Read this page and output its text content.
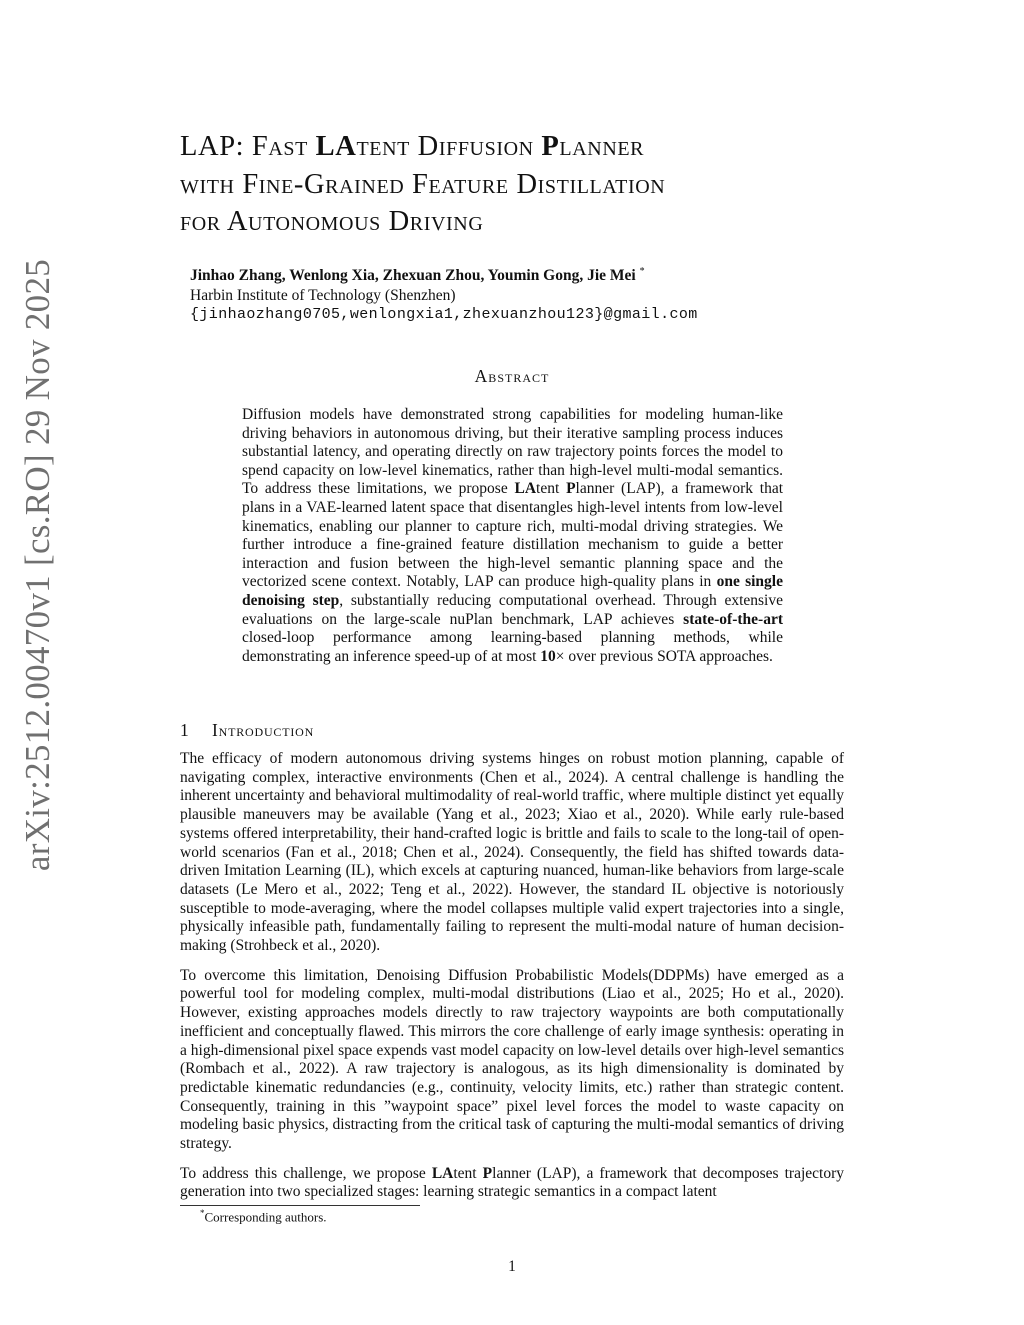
arXiv:2512.00470v1 [cs.RO] 29 Nov 2025
LAP: Fast LAtent Diffusion Planner
with Fine-Grained Feature Distillation
for Autonomous Driving
Jinhao Zhang, Wenlong Xia, Zhexuan Zhou, Youmin Gong, Jie Mei *
Harbin Institute of Technology (Shenzhen)
{jinhaozhang0705,wenlongxia1,zhexuanzhou123}@gmail.com
Abstract
Diffusion models have demonstrated strong capabilities for modeling human-like driving behaviors in autonomous driving, but their iterative sampling process induces substantial latency, and operating directly on raw trajectory points forces the model to spend capacity on low-level kinematics, rather than high-level multi-modal semantics. To address these limitations, we propose LAtent Planner (LAP), a framework that plans in a VAE-learned latent space that disentangles high-level intents from low-level kinematics, enabling our planner to capture rich, multi-modal driving strategies. We further introduce a fine-grained feature distillation mechanism to guide a better interaction and fusion between the high-level semantic planning space and the vectorized scene context. Notably, LAP can produce high-quality plans in one single denoising step, substantially reducing computational overhead. Through extensive evaluations on the large-scale nuPlan benchmark, LAP achieves state-of-the-art closed-loop performance among learning-based planning methods, while demonstrating an inference speed-up of at most 10× over previous SOTA approaches.
1 Introduction

The efficacy of modern autonomous driving systems hinges on robust motion planning, capable of navigating complex, interactive environments (Chen et al., 2024). A central challenge is handling the inherent uncertainty and behavioral multimodality of real-world traffic, where multiple distinct yet equally plausible maneuvers may be available (Yang et al., 2023; Xiao et al., 2020). While early rule-based systems offered interpretability, their hand-crafted logic is brittle and fails to scale to the long-tail of open-world scenarios (Fan et al., 2018; Chen et al., 2024). Consequently, the field has shifted towards data-driven Imitation Learning (IL), which excels at capturing nuanced, human-like behaviors from large-scale datasets (Le Mero et al., 2022; Teng et al., 2022). However, the standard IL objective is notoriously susceptible to mode-averaging, where the model collapses multiple valid expert trajectories into a single, physically infeasible path, fundamentally failing to represent the multi-modal nature of human decision-making (Strohbeck et al., 2020).

To overcome this limitation, Denoising Diffusion Probabilistic Models(DDPMs) have emerged as a powerful tool for modeling complex, multi-modal distributions (Liao et al., 2025; Ho et al., 2020). However, existing approaches models directly to raw trajectory waypoints are both computationally inefficient and conceptually flawed. This mirrors the core challenge of early image synthesis: operating in a high-dimensional pixel space expends vast model capacity on low-level details over high-level semantics (Rombach et al., 2022). A raw trajectory is analogous, as its high dimensionality is dominated by predictable kinematic redundancies (e.g., continuity, velocity limits, etc.) rather than strategic content. Consequently, training in this ”waypoint space” pixel level forces the model to waste capacity on modeling basic physics, distracting from the critical task of capturing the multi-modal semantics of driving strategy.

To address this challenge, we propose LAtent Planner (LAP), a framework that decomposes trajectory generation into two specialized stages: learning strategic semantics in a compact latent

*Corresponding authors.
1
